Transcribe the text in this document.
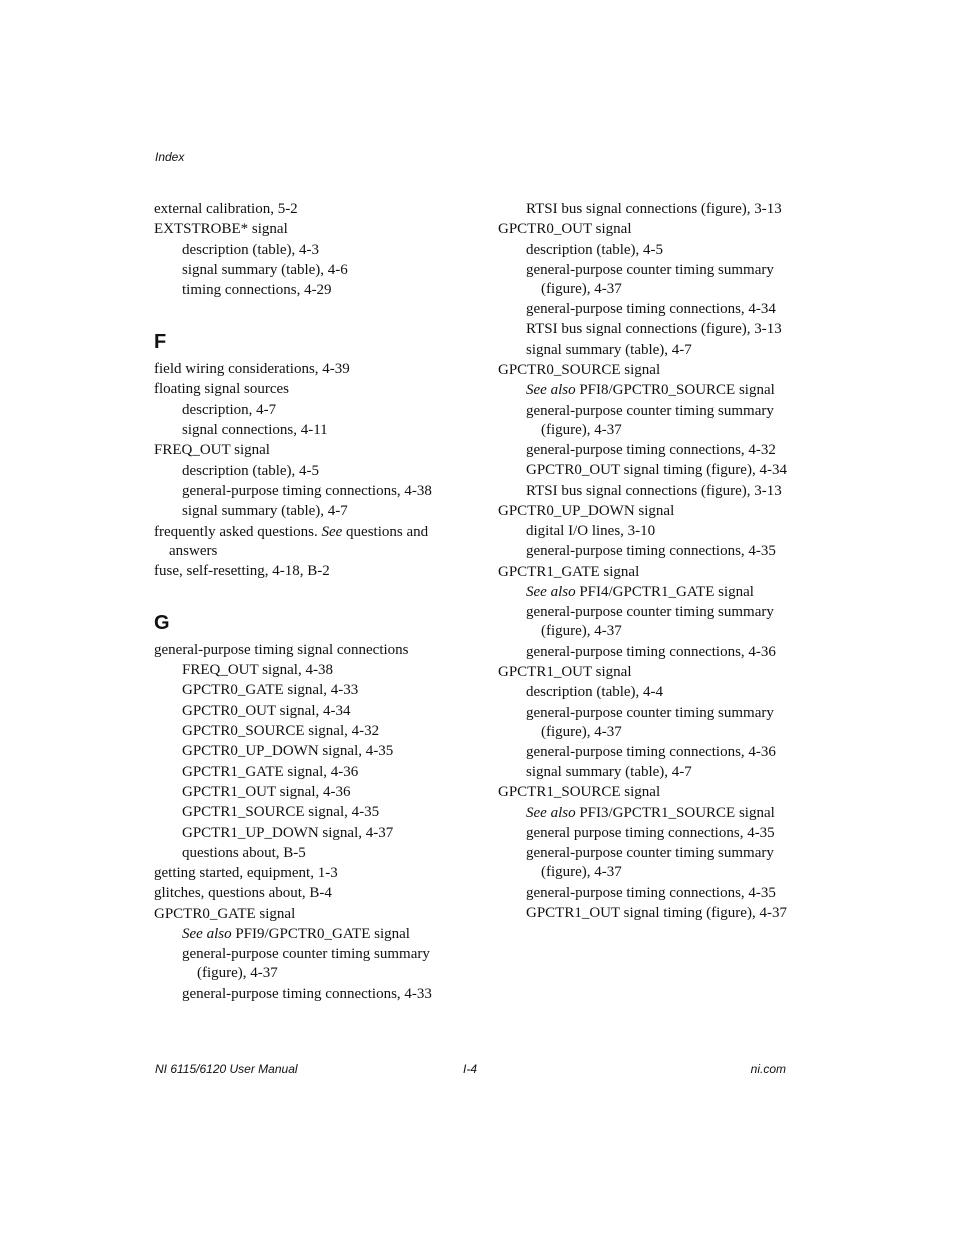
Index
external calibration, 5-2
EXTSTROBE* signal
description (table), 4-3
signal summary (table), 4-6
timing connections, 4-29
F
field wiring considerations, 4-39
floating signal sources
description, 4-7
signal connections, 4-11
FREQ_OUT signal
description (table), 4-5
general-purpose timing connections, 4-38
signal summary (table), 4-7
frequently asked questions. See questions and answers
fuse, self-resetting, 4-18, B-2
G
general-purpose timing signal connections
FREQ_OUT signal, 4-38
GPCTR0_GATE signal, 4-33
GPCTR0_OUT signal, 4-34
GPCTR0_SOURCE signal, 4-32
GPCTR0_UP_DOWN signal, 4-35
GPCTR1_GATE signal, 4-36
GPCTR1_OUT signal, 4-36
GPCTR1_SOURCE signal, 4-35
GPCTR1_UP_DOWN signal, 4-37
questions about, B-5
getting started, equipment, 1-3
glitches, questions about, B-4
GPCTR0_GATE signal
See also PFI9/GPCTR0_GATE signal
general-purpose counter timing summary (figure), 4-37
general-purpose timing connections, 4-33
RTSI bus signal connections (figure), 3-13
GPCTR0_OUT signal
description (table), 4-5
general-purpose counter timing summary (figure), 4-37
general-purpose timing connections, 4-34
RTSI bus signal connections (figure), 3-13
signal summary (table), 4-7
GPCTR0_SOURCE signal
See also PFI8/GPCTR0_SOURCE signal
general-purpose counter timing summary (figure), 4-37
general-purpose timing connections, 4-32
GPCTR0_OUT signal timing (figure), 4-34
RTSI bus signal connections (figure), 3-13
GPCTR0_UP_DOWN signal
digital I/O lines, 3-10
general-purpose timing connections, 4-35
GPCTR1_GATE signal
See also PFI4/GPCTR1_GATE signal
general-purpose counter timing summary (figure), 4-37
general-purpose timing connections, 4-36
GPCTR1_OUT signal
description (table), 4-4
general-purpose counter timing summary (figure), 4-37
general-purpose timing connections, 4-36
signal summary (table), 4-7
GPCTR1_SOURCE signal
See also PFI3/GPCTR1_SOURCE signal
general purpose timing connections, 4-35
general-purpose counter timing summary (figure), 4-37
general-purpose timing connections, 4-35
GPCTR1_OUT signal timing (figure), 4-37
NI 6115/6120 User Manual	I-4	ni.com
